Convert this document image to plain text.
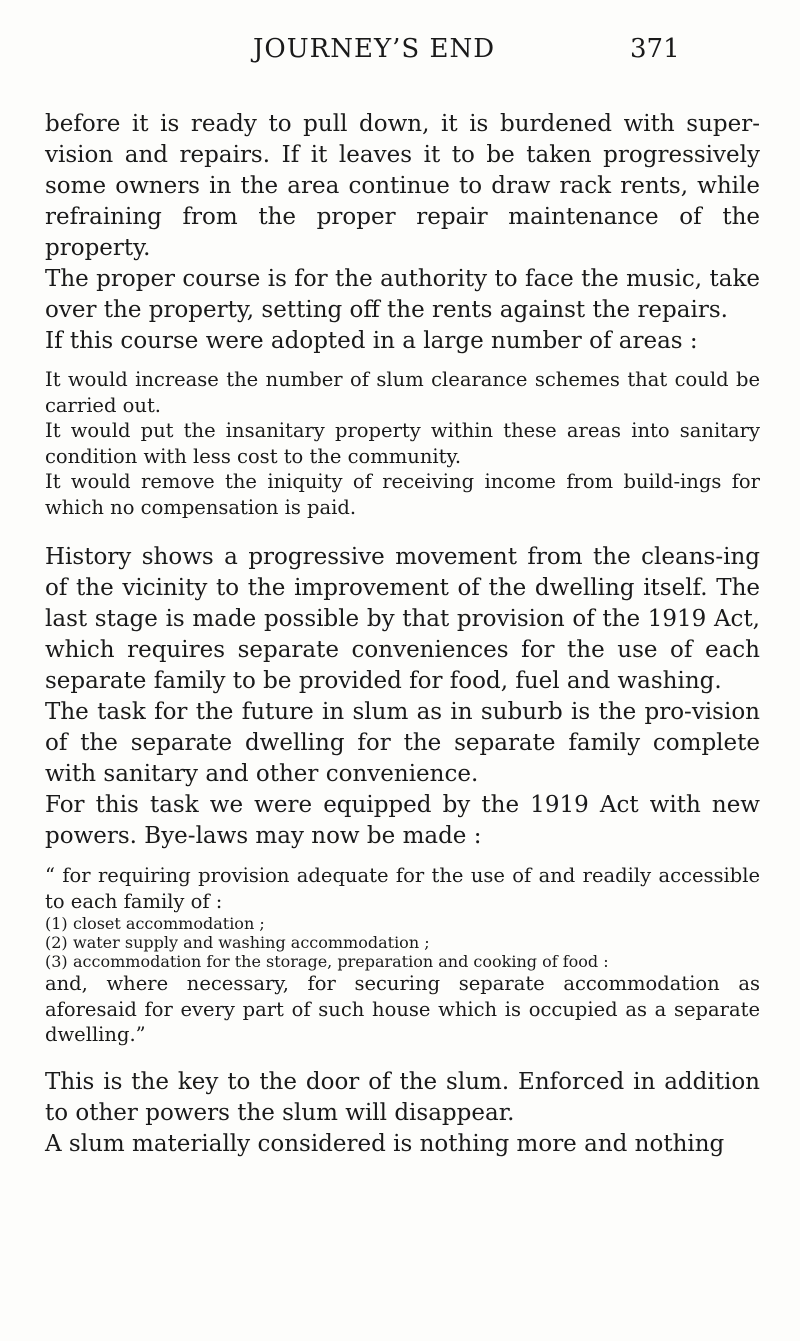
JOURNEY’S END	371

before it is ready to pull down, it is burdened with super-vision and repairs. If it leaves it to be taken progressively some owners in the area continue to draw rack rents, while refraining from the proper repair maintenance of the property.

The proper course is for the authority to face the music, take over the property, setting off the rents against the repairs.

If this course were adopted in a large number of areas :

It would increase the number of slum clearance schemes that could be carried out.

It would put the insanitary property within these areas into sanitary condition with less cost to the community.

It would remove the iniquity of receiving income from build-ings for which no compensation is paid.

History shows a progressive movement from the cleans-ing of the vicinity to the improvement of the dwelling itself. The last stage is made possible by that provision of the 1919 Act, which requires separate conveniences for the use of each separate family to be provided for food, fuel and washing.

The task for the future in slum as in suburb is the pro-vision of the separate dwelling for the separate family complete with sanitary and other convenience.

For this task we were equipped by the 1919 Act with new powers. Bye-laws may now be made :

“ for requiring provision adequate for the use of and readily accessible to each family of :

(1) closet accommodation ;
(2) water supply and washing accommodation ;
(3) accommodation for the storage, preparation and cooking of food :

and, where necessary, for securing separate accommodation as aforesaid for every part of such house which is occupied as a separate dwelling.”

This is the key to the door of the slum. Enforced in addition to other powers the slum will disappear.

A slum materially considered is nothing more and nothing
